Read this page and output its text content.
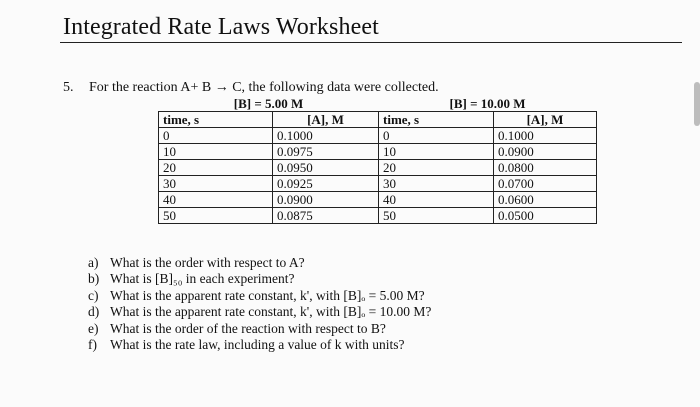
Integrated Rate Laws Worksheet
5. For the reaction A+ B → C, the following data were collected.
[B] = 5.00 M		[B] = 10.00 M	
time, s	[A], M	time, s	[A], M
0	0.1000	0	0.1000
10	0.0975	10	0.0900
20	0.0950	20	0.0800
30	0.0925	30	0.0700
40	0.0900	40	0.0600
50	0.0875	50	0.0500
a) What is the order with respect to A?
b) What is [B]₅₀ in each experiment?
c) What is the apparent rate constant, k', with [B]ₒ = 5.00 M?
d) What is the apparent rate constant, k', with [B]ₒ = 10.00 M?
e) What is the order of the reaction with respect to B?
f) What is the rate law, including a value of k with units?
